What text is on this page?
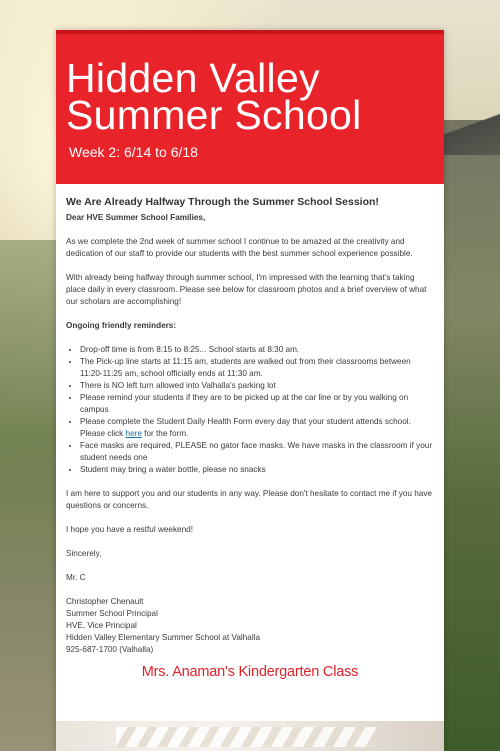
Hidden Valley Summer School
Week 2: 6/14 to 6/18
We Are Already Halfway Through the Summer School Session!
Dear HVE Summer School Families,

As we complete the 2nd week of summer school I continue to be amazed at the creativity and dedication of our staff to provide our students with the best summer school experience possible.

With already being halfway through summer school, I'm impressed with the learning that's taking place daily in every classroom. Please see below for classroom photos and a brief overview of what our scholars are accomplishing!

Ongoing friendly reminders:
• Drop-off time is from 8:15 to 8:25... School starts at 8:30 am.
• The Pick-up line starts at 11:15 am, students are walked out from their classrooms between 11:20-11:25 am, school officially ends at 11:30 am.
• There is NO left turn allowed into Valhalla's parking lot
• Please remind your students if they are to be picked up at the car line or by you walking on campus
• Please complete the Student Daily Health Form every day that your student attends school. Please click here for the form.
• Face masks are required, PLEASE no gator face masks. We have masks in the classroom if your student needs one
• Student may bring a water bottle, please no snacks

I am here to support you and our students in any way. Please don't hesitate to contact me if you have questions or concerns.

I hope you have a restful weekend!

Sincerely,

Mr. C

Christopher Chenault

Summer School Principal

HVE, Vice Principal

Hidden Valley Elementary Summer School at Valhalla

925-687-1700 (Valhalla)

Mrs. Anaman's Kindergarten Class
